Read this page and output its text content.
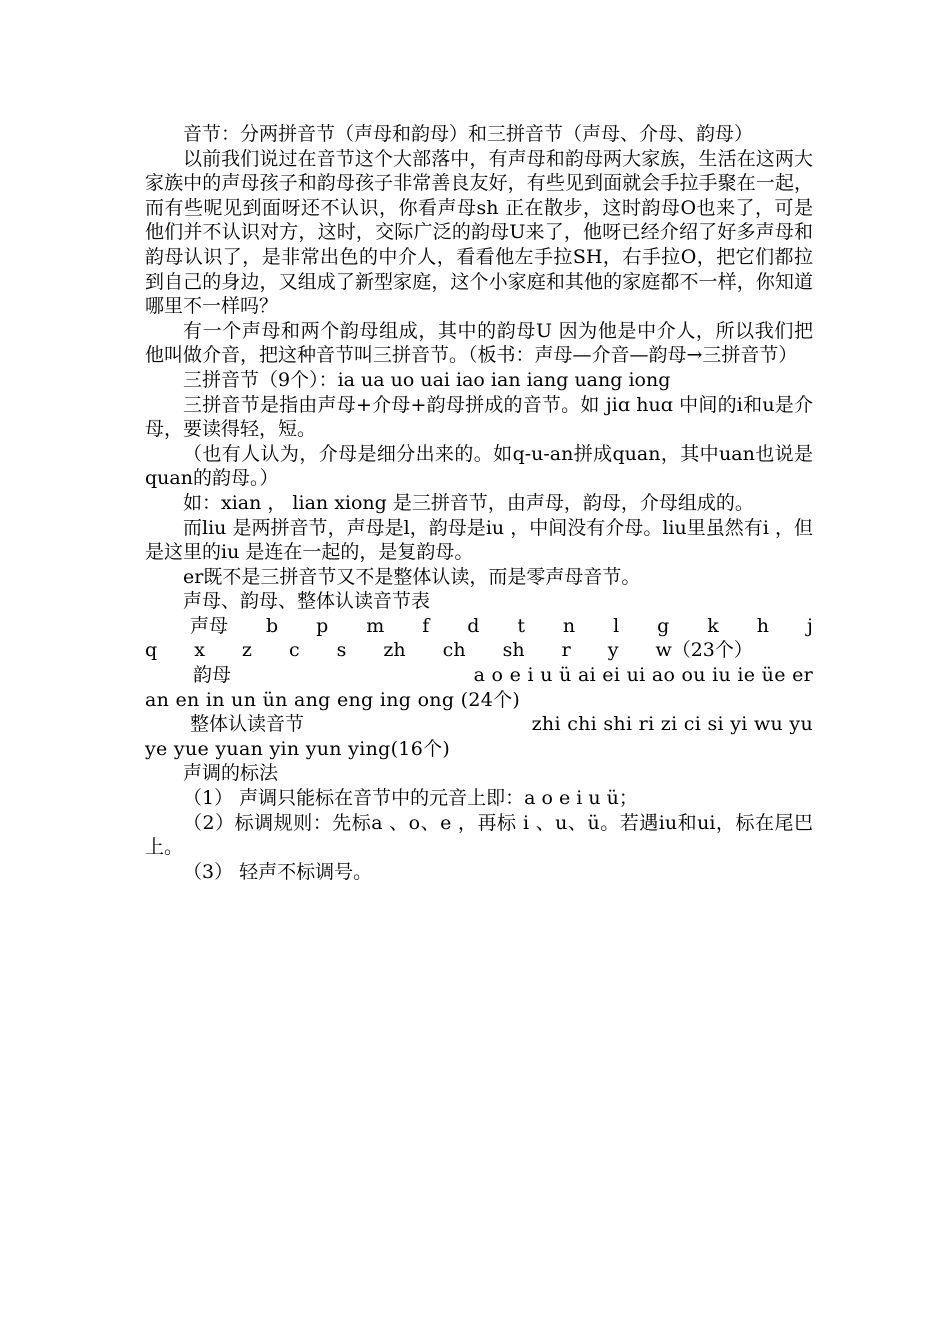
音节：分两拼音节（声母和韵母）和三拼音节（声母、介母、韵母）

以前我们说过在音节这个大部落中，有声母和韵母两大家族，生活在这两大家族中的声母孩子和韵母孩子非常善良友好，有些见到面就会手拉手聚在一起，而有些呢见到面呀还不认识，你看声母sh 正在散步，这时韵母O也来了，可是他们并不认识对方，这时，交际广泛的韵母U来了，他呀已经介绍了好多声母和韵母认识了，是非常出色的中介人，看看他左手拉SH，右手拉O，把它们都拉到自己的身边，又组成了新型家庭，这个小家庭和其他的家庭都不一样，你知道哪里不一样吗？

有一个声母和两个韵母组成，其中的韵母U 因为他是中介人，所以我们把他叫做介音，把这种音节叫三拼音节。（板书：声母—介音—韵母→三拼音节）

三拼音节（9个）：ia ua uo uai iao ian iang uang iong

三拼音节是指由声母+介母+韵母拼成的音节。如 jiɑ huɑ 中间的i和u是介母，要读得轻，短。

（也有人认为，介母是细分出来的。如q-u-an拼成quan，其中uan也说是quan的韵母。）

如：xian ， lian xiong 是三拼音节，由声母，韵母，介母组成的。

而liu 是两拼音节，声母是l，韵母是iu ，中间没有介母。liu里虽然有i ，但是这里的iu 是连在一起的，是复韵母。

er既不是三拼音节又不是整体认读，而是零声母音节。

声母、韵母、整体认读音节表

声母 b p m f d t n l g k h j
q x z c s zh ch sh r y w（23个）
韵母	a o e i u ü ai ei ui ao ou iu ie üe er
an en in un ün ang eng ing ong (24个)
整体认读音节	zhi chi shi ri zi ci si yi wu yu
ye yue yuan yin yun ying(16个)

声调的标法

（1） 声调只能标在音节中的元音上即：a o e i u ü；

（2）标调规则：先标a 、o、e ，再标 i 、u、ü。若遇iu和ui，标在尾巴上。

（3） 轻声不标调号。
